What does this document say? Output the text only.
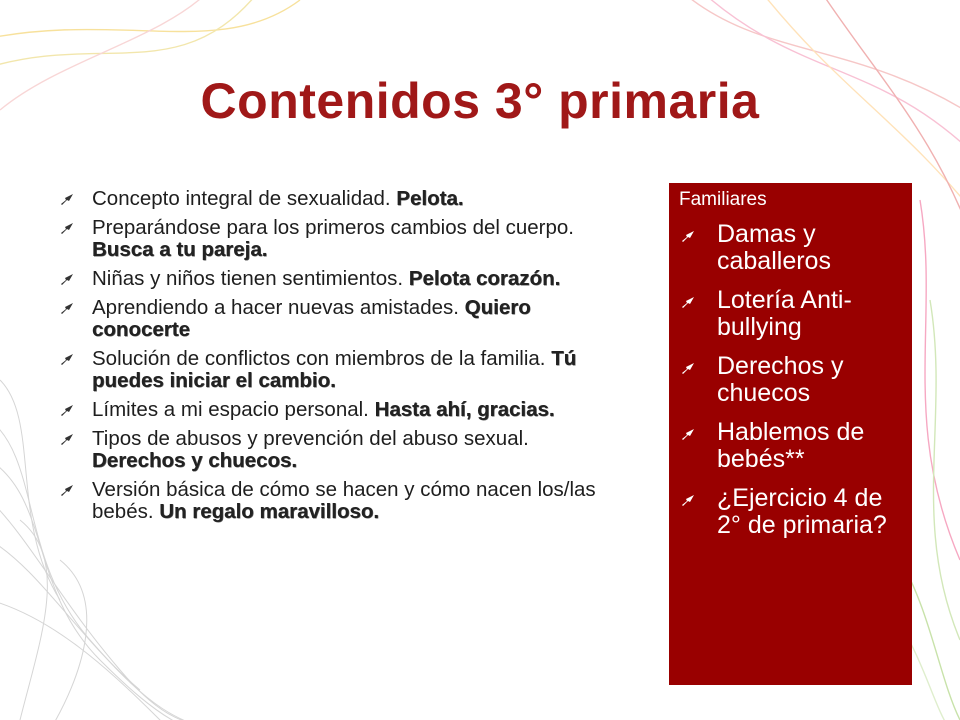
Contenidos 3° primaria
Concepto integral de sexualidad. Pelota.
Preparándose para los primeros cambios del cuerpo. Busca a tu pareja.
Niñas y niños tienen sentimientos. Pelota corazón.
Aprendiendo a hacer nuevas amistades. Quiero conocerte
Solución de conflictos con miembros de la familia. Tú puedes iniciar el cambio.
Límites a mi espacio personal. Hasta ahí, gracias.
Tipos de abusos y prevención del abuso sexual. Derechos y chuecos.
Versión básica de cómo se hacen y cómo nacen los/las bebés. Un regalo maravilloso.
Familiares
Damas y caballeros
Lotería Anti-bullying
Derechos y chuecos
Hablemos de bebés**
¿Ejercicio 4 de 2° de primaria?
